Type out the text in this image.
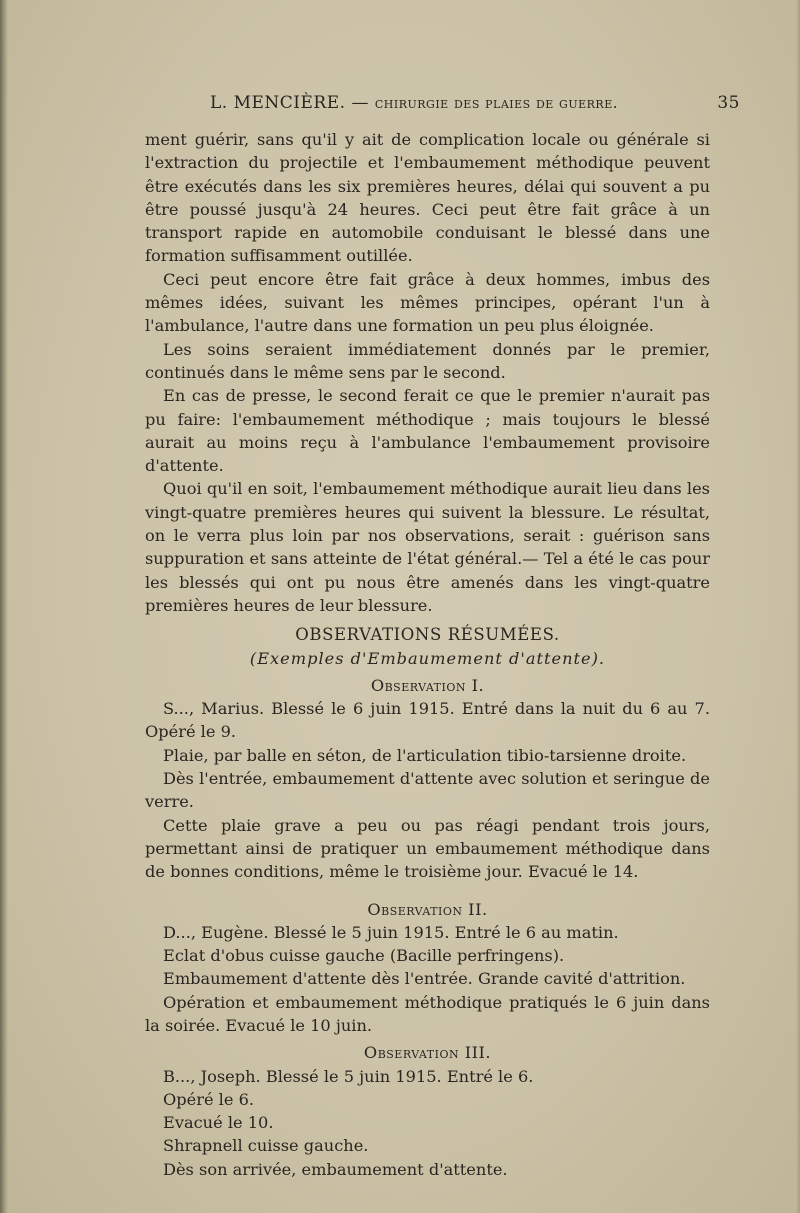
L. MENCIÈRE. — chirurgie des plaies de guerre.	35

ment guérir, sans qu'il y ait de complication locale ou générale si l'extraction du projectile et l'embaumement méthodique peuvent être exécutés dans les six premières heures, délai qui souvent a pu être poussé jusqu'à 24 heures. Ceci peut être fait grâce à un transport rapide en automobile conduisant le blessé dans une formation suffisamment outillée.

Ceci peut encore être fait grâce à deux hommes, imbus des mêmes idées, suivant les mêmes principes, opérant l'un à l'ambulance, l'autre dans une formation un peu plus éloignée.

Les soins seraient immédiatement donnés par le premier, continués dans le même sens par le second.

En cas de presse, le second ferait ce que le premier n'aurait pas pu faire: l'embaumement méthodique ; mais toujours le blessé aurait au moins reçu à l'ambulance l'embaumement provisoire d'attente.

Quoi qu'il en soit, l'embaumement méthodique aurait lieu dans les vingt-quatre premières heures qui suivent la blessure. Le résultat, on le verra plus loin par nos observations, serait : guérison sans suppuration et sans atteinte de l'état général.— Tel a été le cas pour les blessés qui ont pu nous être amenés dans les vingt-quatre premières heures de leur blessure.

OBSERVATIONS RÉSUMÉES.

(Exemples d'Embaumement d'attente).

Observation I.

S..., Marius. Blessé le 6 juin 1915. Entré dans la nuit du 6 au 7. Opéré le 9.

Plaie, par balle en séton, de l'articulation tibio-tarsienne droite.

Dès l'entrée, embaumement d'attente avec solution et seringue de verre.

Cette plaie grave a peu ou pas réagi pendant trois jours, permettant ainsi de pratiquer un embaumement méthodique dans de bonnes conditions, même le troisième jour. Evacué le 14.

Observation II.

D..., Eugène. Blessé le 5 juin 1915. Entré le 6 au matin.

Eclat d'obus cuisse gauche (Bacille perfringens).

Embaumement d'attente dès l'entrée. Grande cavité d'attrition.

Opération et embaumement méthodique pratiqués le 6 juin dans la soirée. Evacué le 10 juin.

Observation III.

B..., Joseph. Blessé le 5 juin 1915. Entré le 6.

Opéré le 6.

Evacué le 10.

Shrapnell cuisse gauche.

Dès son arrivée, embaumement d'attente.
